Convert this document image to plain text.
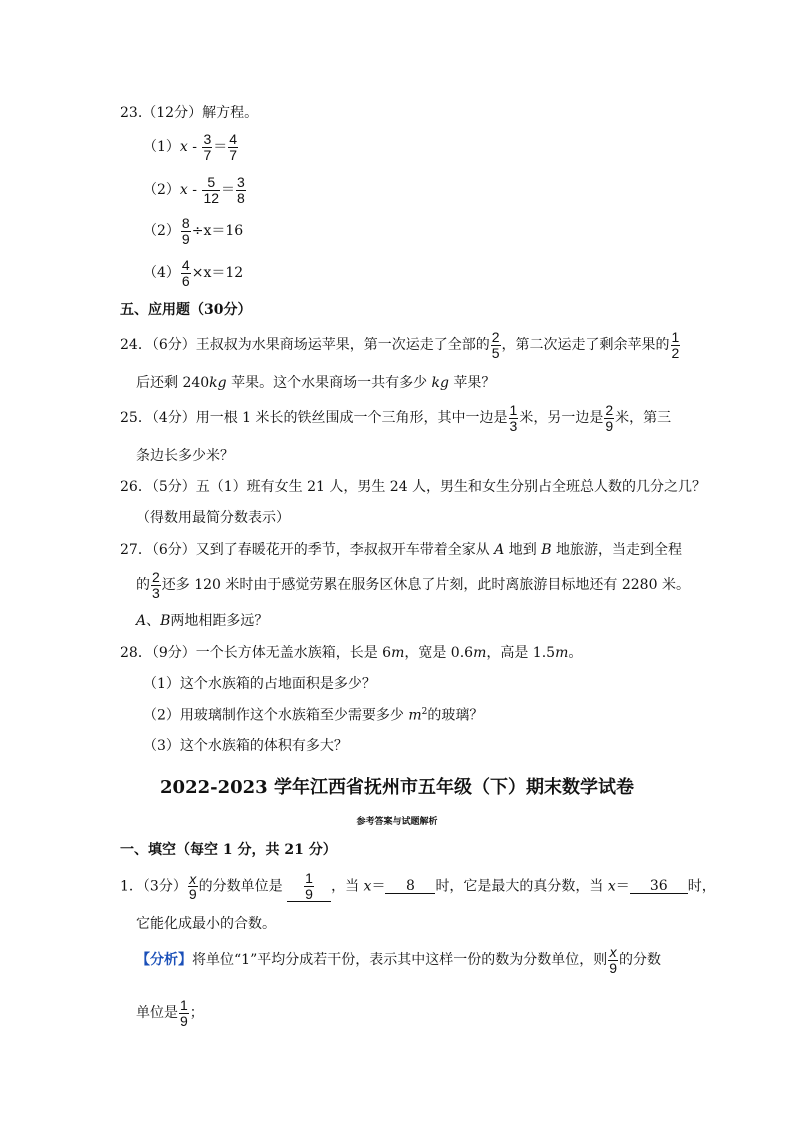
23.（12分）解方程。
$(1)x - \frac{3}{7} = \frac{4}{7}$
$(2)x - \frac{5}{12} = \frac{3}{8}$
$(2) \frac{8}{9} \div x=16$
$(4) \frac{4}{6} \times x=12$
五、应用题（30分）
24．（6分）王叔叔为水果商场运苹果，第一次运走了全部的 $\frac{2}{5}$ ，第二次运走了剩余苹果的 $\frac{1}{2}$
后还剩 240kg 苹果。这个水果商场一共有多少 kg 苹果？
25．（4分）用一根 1 米长的铁丝围成一个三角形，其中一边是 $\frac{1}{3}$ 米，另一边是 $\frac{2}{9}$ 米，第三
条边长多少米？
26．（5分）五（1）班有女生 21 人，男生 24 人，男生和女生分别占全班总人数的几分之几？
（得数用最简分数表示）
27．（6分）又到了春暖花开的季节，李叔叔开车带着全家从 A 地到 B 地旅游，当走到全程
的 $\frac{2}{3}$ 还多 120 米时由于感觉劳累在服务区休息了片刻，此时离旅游目标地还有 2280 米。
A、B两地相距多远？
28．（9分）一个长方体无盖水族箱，长是 6m，宽是 0.6m，高是 1.5m。
（1）这个水族箱的占地面积是多少？
（2）用玻璃制作这个水族箱至少需要多少 $m^2$的玻璃？
（3）这个水族箱的体积有多大？
2022-2023 学年江西省抚州市五年级（下）期末数学试卷
参考答案与试题解析
一、填空（每空 1 分，共 21 分）
1．（3分） $\frac{x}{9}$ 的分数单位是 $\frac{1}{9}$ ，当 x＝ 8 时，它是最大的真分数，当 x＝ 36 时，
它能化成最小的合数。
【分析】将单位“1”平均分成若干份，表示其中这样一份的数为分数单位，则 $\frac{x}{9}$ 的分数
单位是 $\frac{1}{9}$ ；
